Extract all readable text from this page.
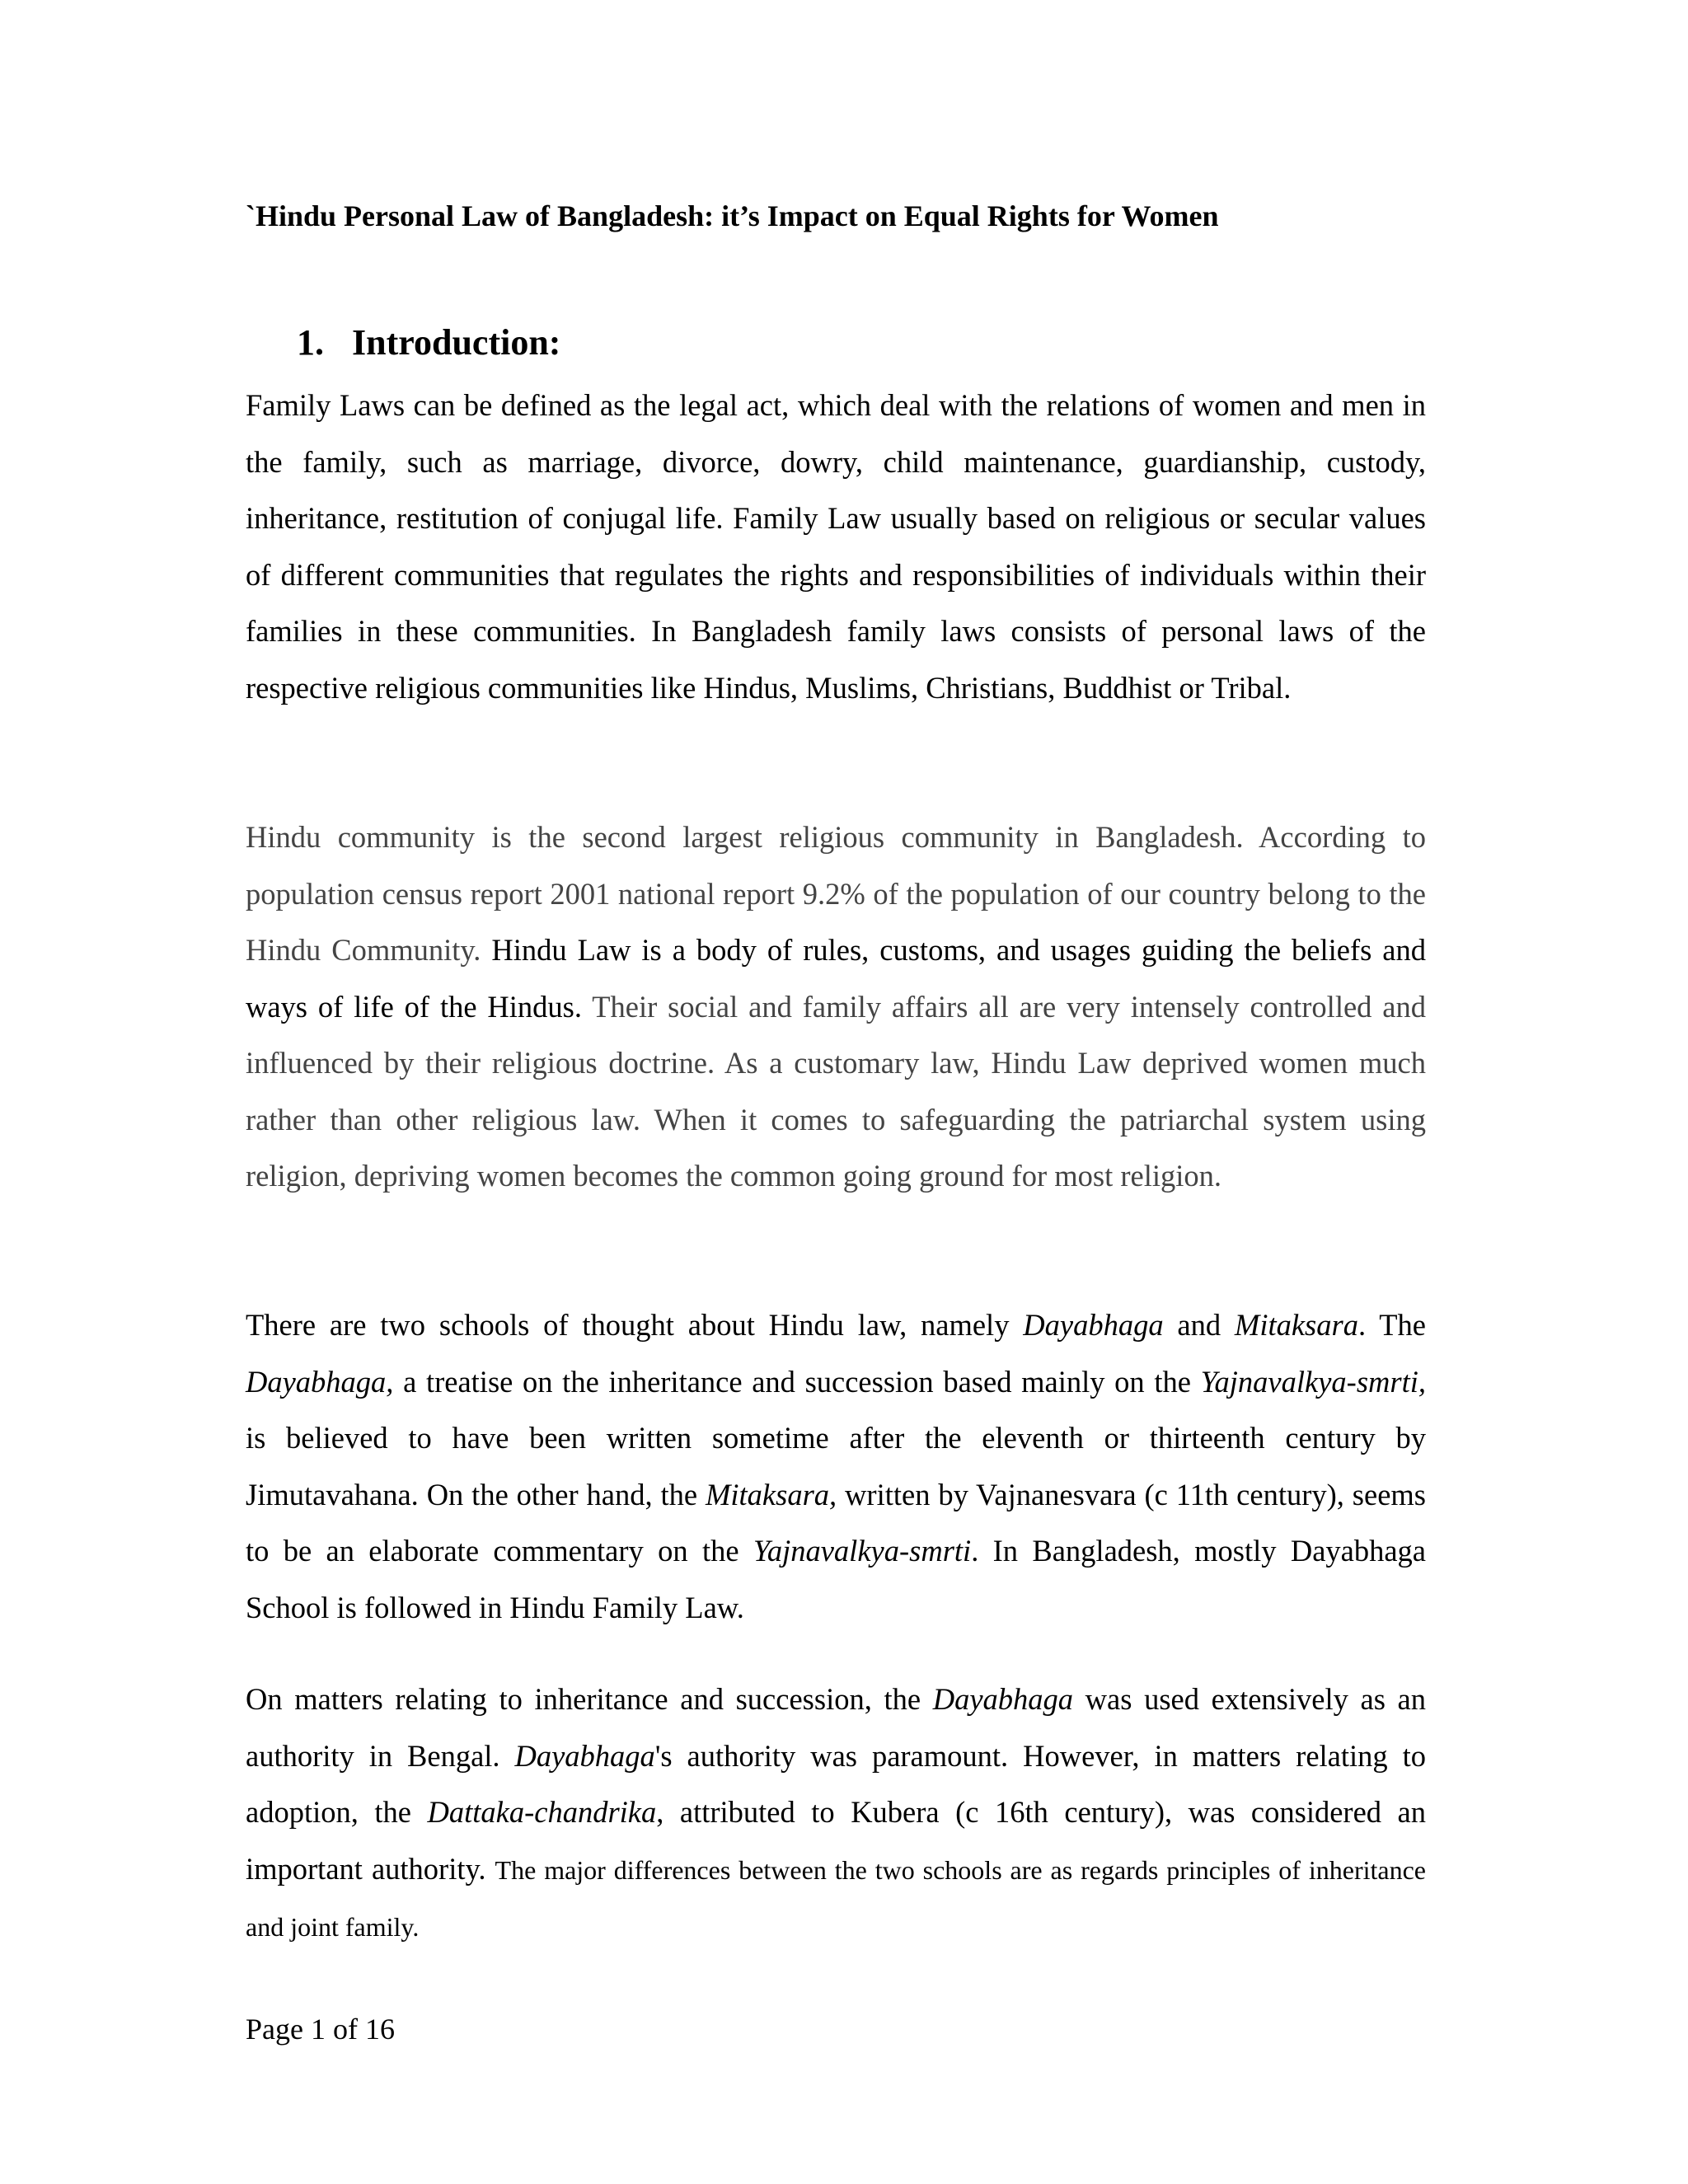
`Hindu Personal Law of Bangladesh: it’s Impact on Equal Rights for Women
1. Introduction:

Family Laws can be defined as the legal act, which deal with the relations of women and men in the family, such as marriage, divorce, dowry, child maintenance, guardianship, custody, inheritance, restitution of conjugal life. Family Law usually based on religious or secular values of different communities that regulates the rights and responsibilities of individuals within their families in these communities. In Bangladesh family laws consists of personal laws of the respective religious communities like Hindus, Muslims, Christians, Buddhist or Tribal.

Hindu community is the second largest religious community in Bangladesh. According to population census report 2001 national report 9.2% of the population of our country belong to the Hindu Community. Hindu Law is a body of rules, customs, and usages guiding the beliefs and ways of life of the Hindus. Their social and family affairs all are very intensely controlled and influenced by their religious doctrine. As a customary law, Hindu Law deprived women much rather than other religious law. When it comes to safeguarding the patriarchal system using religion, depriving women becomes the common going ground for most religion.

There are two schools of thought about Hindu law, namely Dayabhaga and Mitaksara. The Dayabhaga, a treatise on the inheritance and succession based mainly on the Yajnavalkya-smrti, is believed to have been written sometime after the eleventh or thirteenth century by Jimutavahana. On the other hand, the Mitaksara, written by Vajnanesvara (c 11th century), seems to be an elaborate commentary on the Yajnavalkya-smrti. In Bangladesh, mostly Dayabhaga School is followed in Hindu Family Law.

On matters relating to inheritance and succession, the Dayabhaga was used extensively as an authority in Bengal. Dayabhaga's authority was paramount. However, in matters relating to adoption, the Dattaka-chandrika, attributed to Kubera (c 16th century), was considered an important authority. The major differences between the two schools are as regards principles of inheritance and joint family.

Page 1 of 16
